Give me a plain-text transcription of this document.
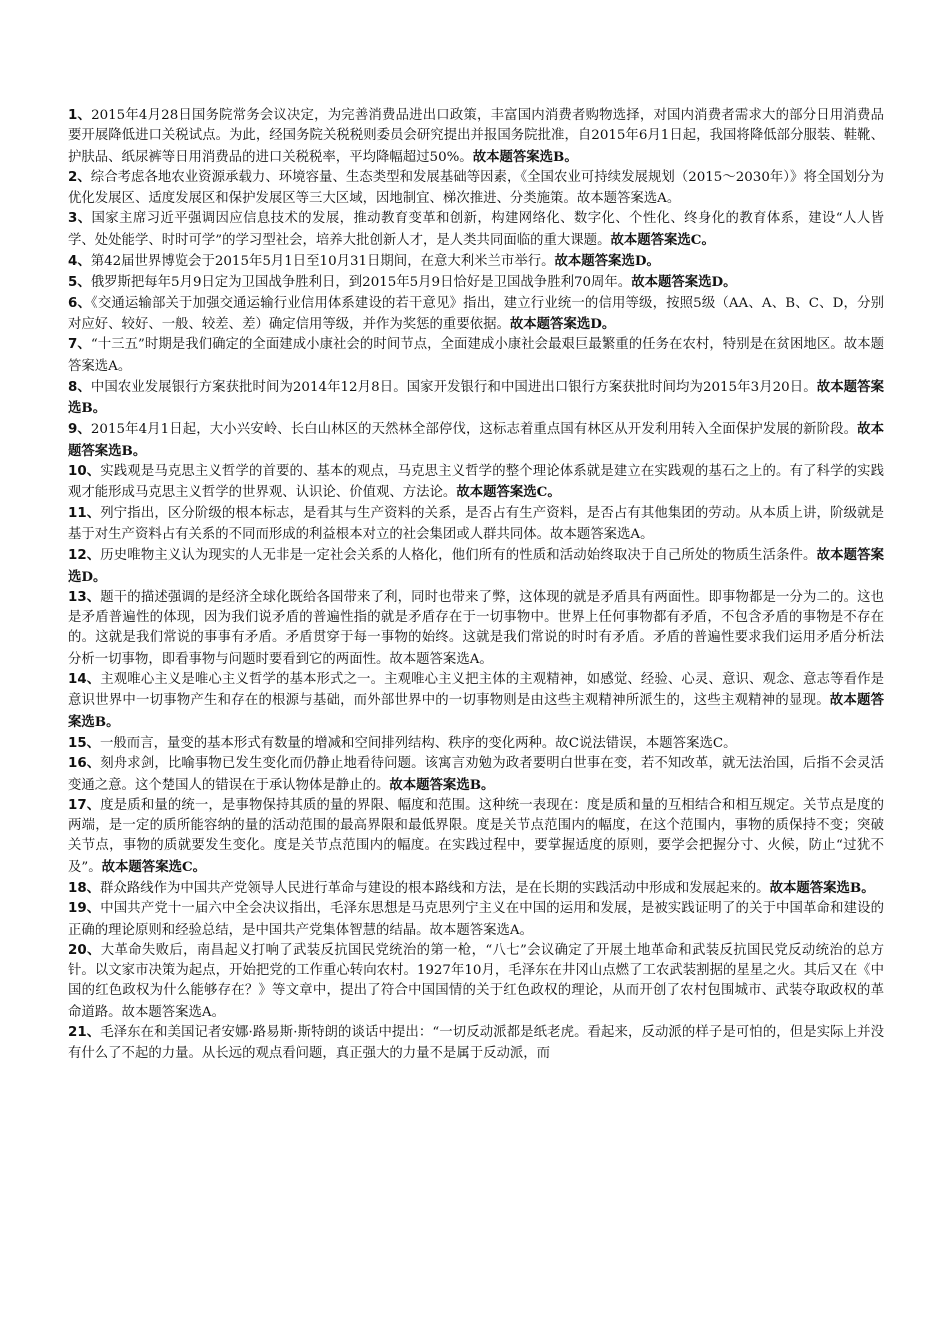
1、2015年4月28日国务院常务会议决定，为完善消费品进出口政策，丰富国内消费者购物选择，对国内消费者需求大的部分日用消费品要开展降低进口关税试点。为此，经国务院关税税则委员会研究提出并报国务院批准，自2015年6月1日起，我国将降低部分服装、鞋靴、护肤品、纸尿裤等日用消费品的进口关税税率，平均降幅超过50%。故本题答案选B。

2、综合考虑各地农业资源承载力、环境容量、生态类型和发展基础等因素，《全国农业可持续发展规划（2015～2030年）》将全国划分为优化发展区、适度发展区和保护发展区等三大区域，因地制宜、梯次推进、分类施策。故本题答案选A。

3、国家主席习近平强调因应信息技术的发展，推动教育变革和创新，构建网络化、数字化、个性化、终身化的教育体系，建设“人人皆学、处处能学、时时可学”的学习型社会，培养大批创新人才，是人类共同面临的重大课题。故本题答案选C。

4、第42届世界博览会于2015年5月1日至10月31日期间，在意大利米兰市举行。故本题答案选D。

5、俄罗斯把每年5月9日定为卫国战争胜利日，到2015年5月9日恰好是卫国战争胜利70周年。故本题答案选D。

6、《交通运输部关于加强交通运输行业信用体系建设的若干意见》指出，建立行业统一的信用等级，按照5级（AA、A、B、C、D，分别对应好、较好、一般、较差、差）确定信用等级，并作为奖惩的重要依据。故本题答案选D。

7、“十三五”时期是我们确定的全面建成小康社会的时间节点，全面建成小康社会最艰巨最繁重的任务在农村，特别是在贫困地区。故本题答案选A。

8、中国农业发展银行方案获批时间为2014年12月8日。国家开发银行和中国进出口银行方案获批时间均为2015年3月20日。故本题答案选B。

9、2015年4月1日起，大小兴安岭、长白山林区的天然林全部停伐，这标志着重点国有林区从开发利用转入全面保护发展的新阶段。故本题答案选B。

10、实践观是马克思主义哲学的首要的、基本的观点，马克思主义哲学的整个理论体系就是建立在实践观的基石之上的。有了科学的实践观才能形成马克思主义哲学的世界观、认识论、价值观、方法论。故本题答案选C。

11、列宁指出，区分阶级的根本标志，是看其与生产资料的关系，是否占有生产资料，是否占有其他集团的劳动。从本质上讲，阶级就是基于对生产资料占有关系的不同而形成的利益根本对立的社会集团或人群共同体。故本题答案选A。

12、历史唯物主义认为现实的人无非是一定社会关系的人格化，他们所有的性质和活动始终取决于自己所处的物质生活条件。故本题答案选D。

13、题干的描述强调的是经济全球化既给各国带来了利，同时也带来了弊，这体现的就是矛盾具有两面性。即事物都是一分为二的。这也是矛盾普遍性的体现，因为我们说矛盾的普遍性指的就是矛盾存在于一切事物中。世界上任何事物都有矛盾，不包含矛盾的事物是不存在的。这就是我们常说的事事有矛盾。矛盾贯穿于每一事物的始终。这就是我们常说的时时有矛盾。矛盾的普遍性要求我们运用矛盾分析法分析一切事物，即看事物与问题时要看到它的两面性。故本题答案选A。

14、主观唯心主义是唯心主义哲学的基本形式之一。主观唯心主义把主体的主观精神，如感觉、经验、心灵、意识、观念、意志等看作是意识世界中一切事物产生和存在的根源与基础，而外部世界中的一切事物则是由这些主观精神所派生的，这些主观精神的显现。故本题答案选B。

15、一般而言，量变的基本形式有数量的增减和空间排列结构、秩序的变化两种。故C说法错误，本题答案选C。

16、刻舟求剑，比喻事物已发生变化而仍静止地看待问题。该寓言劝勉为政者要明白世事在变，若不知改革，就无法治国，后指不会灵活变通之意。这个楚国人的错误在于承认物体是静止的。故本题答案选B。

17、度是质和量的统一，是事物保持其质的量的界限、幅度和范围。这种统一表现在：度是质和量的互相结合和相互规定。关节点是度的两端，是一定的质所能容纳的量的活动范围的最高界限和最低界限。度是关节点范围内的幅度，在这个范围内，事物的质保持不变；突破关节点，事物的质就要发生变化。度是关节点范围内的幅度。在实践过程中，要掌握适度的原则，要学会把握分寸、火候，防止“过犹不及”。故本题答案选C。

18、群众路线作为中国共产党领导人民进行革命与建设的根本路线和方法，是在长期的实践活动中形成和发展起来的。故本题答案选B。

19、中国共产党十一届六中全会决议指出，毛泽东思想是马克思列宁主义在中国的运用和发展，是被实践证明了的关于中国革命和建设的正确的理论原则和经验总结，是中国共产党集体智慧的结晶。故本题答案选A。

20、大革命失败后，南昌起义打响了武装反抗国民党统治的第一枪，“八七”会议确定了开展土地革命和武装反抗国民党反动统治的总方针。以文家市决策为起点，开始把党的工作重心转向农村。1927年10月，毛泽东在井冈山点燃了工农武装割据的星星之火。其后又在《中国的红色政权为什么能够存在？》等文章中，提出了符合中国国情的关于红色政权的理论，从而开创了农村包围城市、武装夺取政权的革命道路。故本题答案选A。

21、毛泽东在和美国记者安娜·路易斯·斯特朗的谈话中提出：“一切反动派都是纸老虎。看起来，反动派的样子是可怕的，但是实际上并没有什么了不起的力量。从长远的观点看问题，真正强大的力量不是属于反动派，而
